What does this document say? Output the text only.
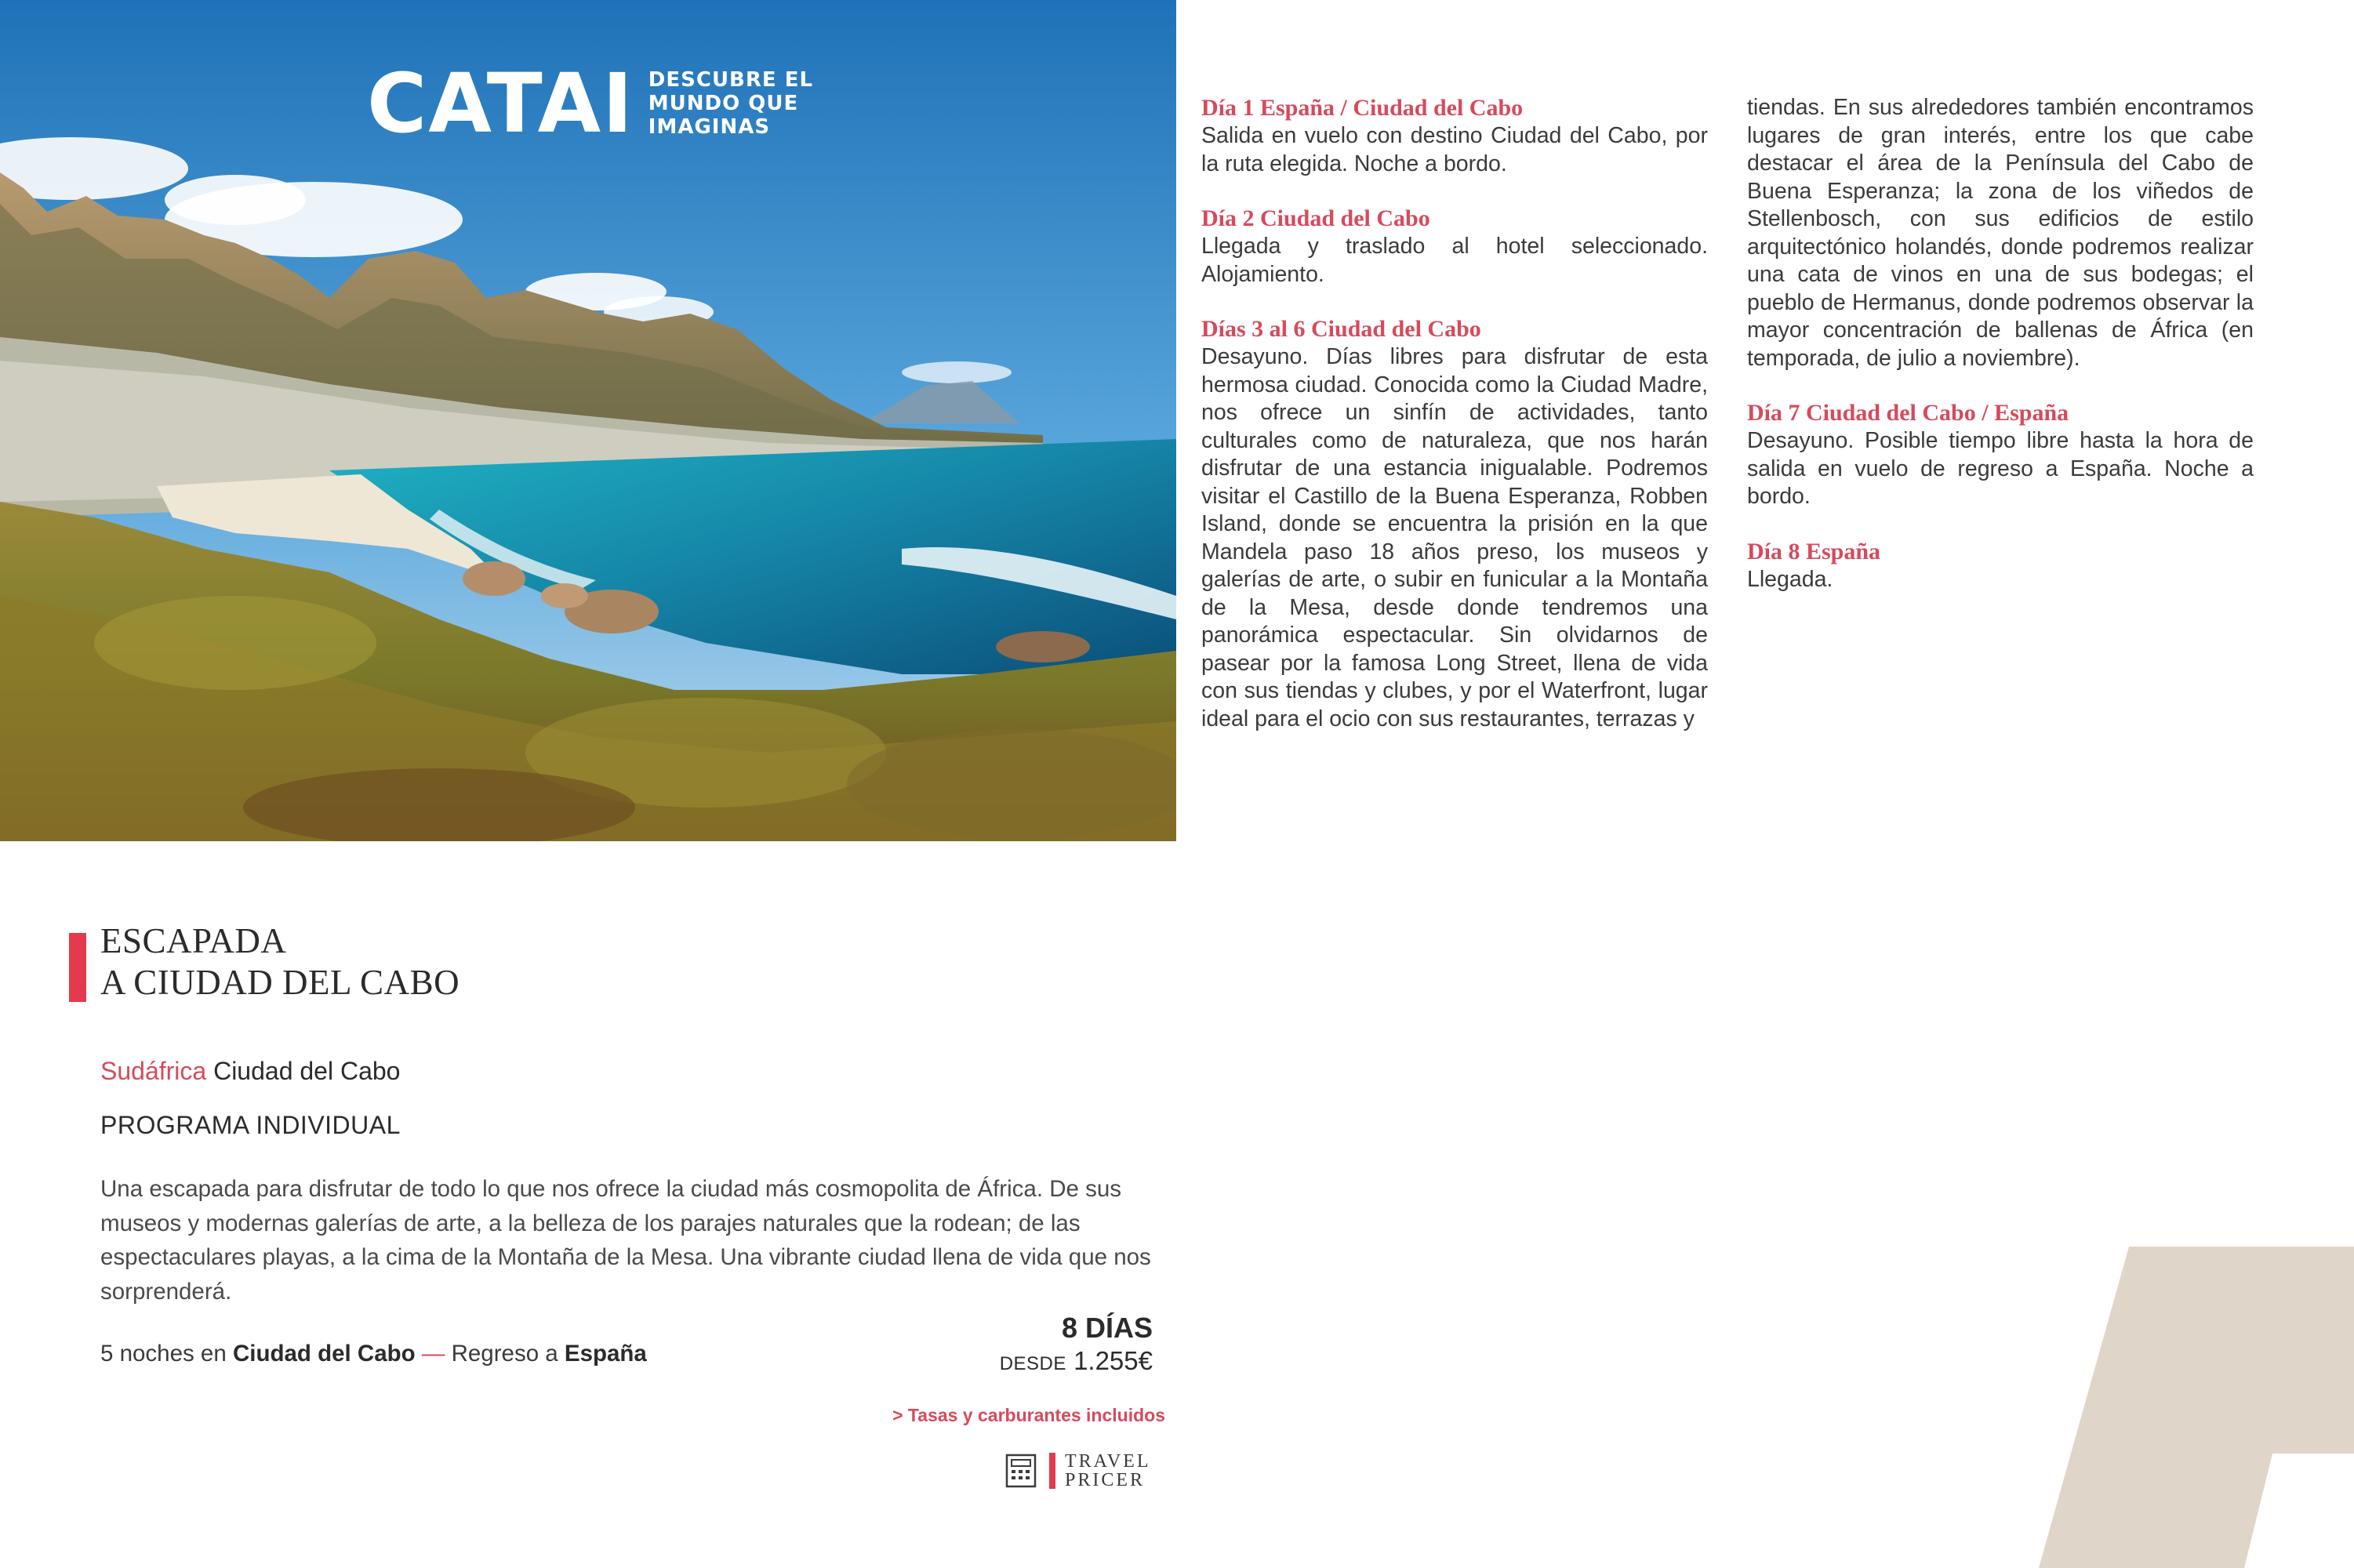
CATAI DESCUBRE EL
MUNDO QUE
IMAGINAS
Día 1 España / Ciudad del Cabo
Salida en vuelo con destino Ciudad del Cabo, por la ruta elegida. Noche a bordo.
Día 2 Ciudad del Cabo
Llegada y traslado al hotel seleccionado. Alojamiento.
Días 3 al 6 Ciudad del Cabo
Desayuno. Días libres para disfrutar de esta hermosa ciudad. Conocida como la Ciudad Madre, nos ofrece un sinfín de actividades, tanto culturales como de naturaleza, que nos harán disfrutar de una estancia inigualable. Podremos visitar el Castillo de la Buena Esperanza, Robben Island, donde se encuentra la prisión en la que Mandela paso 18 años preso, los museos y galerías de arte, o subir en funicular a la Montaña de la Mesa, desde donde tendremos una panorámica espectacular. Sin olvidarnos de pasear por la famosa Long Street, llena de vida con sus tiendas y clubes, y por el Waterfront, lugar ideal para el ocio con sus restaurantes, terrazas y
tiendas. En sus alrededores también encontramos lugares de gran interés, entre los que cabe destacar el área de la Península del Cabo de Buena Esperanza; la zona de los viñedos de Stellenbosch, con sus edificios de estilo arquitectónico holandés, donde podremos realizar una cata de vinos en una de sus bodegas; el pueblo de Hermanus, donde podremos observar la mayor concentración de ballenas de África (en temporada, de julio a noviembre).
Día 7 Ciudad del Cabo / España
Desayuno. Posible tiempo libre hasta la hora de salida en vuelo de regreso a España. Noche a bordo.
Día 8 España
Llegada.
ESCAPADA
A CIUDAD DEL CABO
Sudáfrica Ciudad del Cabo
PROGRAMA INDIVIDUAL
Una escapada para disfrutar de todo lo que nos ofrece la ciudad más cosmopolita de África. De sus museos y modernas galerías de arte, a la belleza de los parajes naturales que la rodean; de las espectaculares playas, a la cima de la Montaña de la Mesa. Una vibrante ciudad llena de vida que nos sorprenderá.
5 noches en Ciudad del Cabo — Regreso a España
8 DÍAS
DESDE 1.255€
> Tasas y carburantes incluidos
TRAVEL
PRICER
